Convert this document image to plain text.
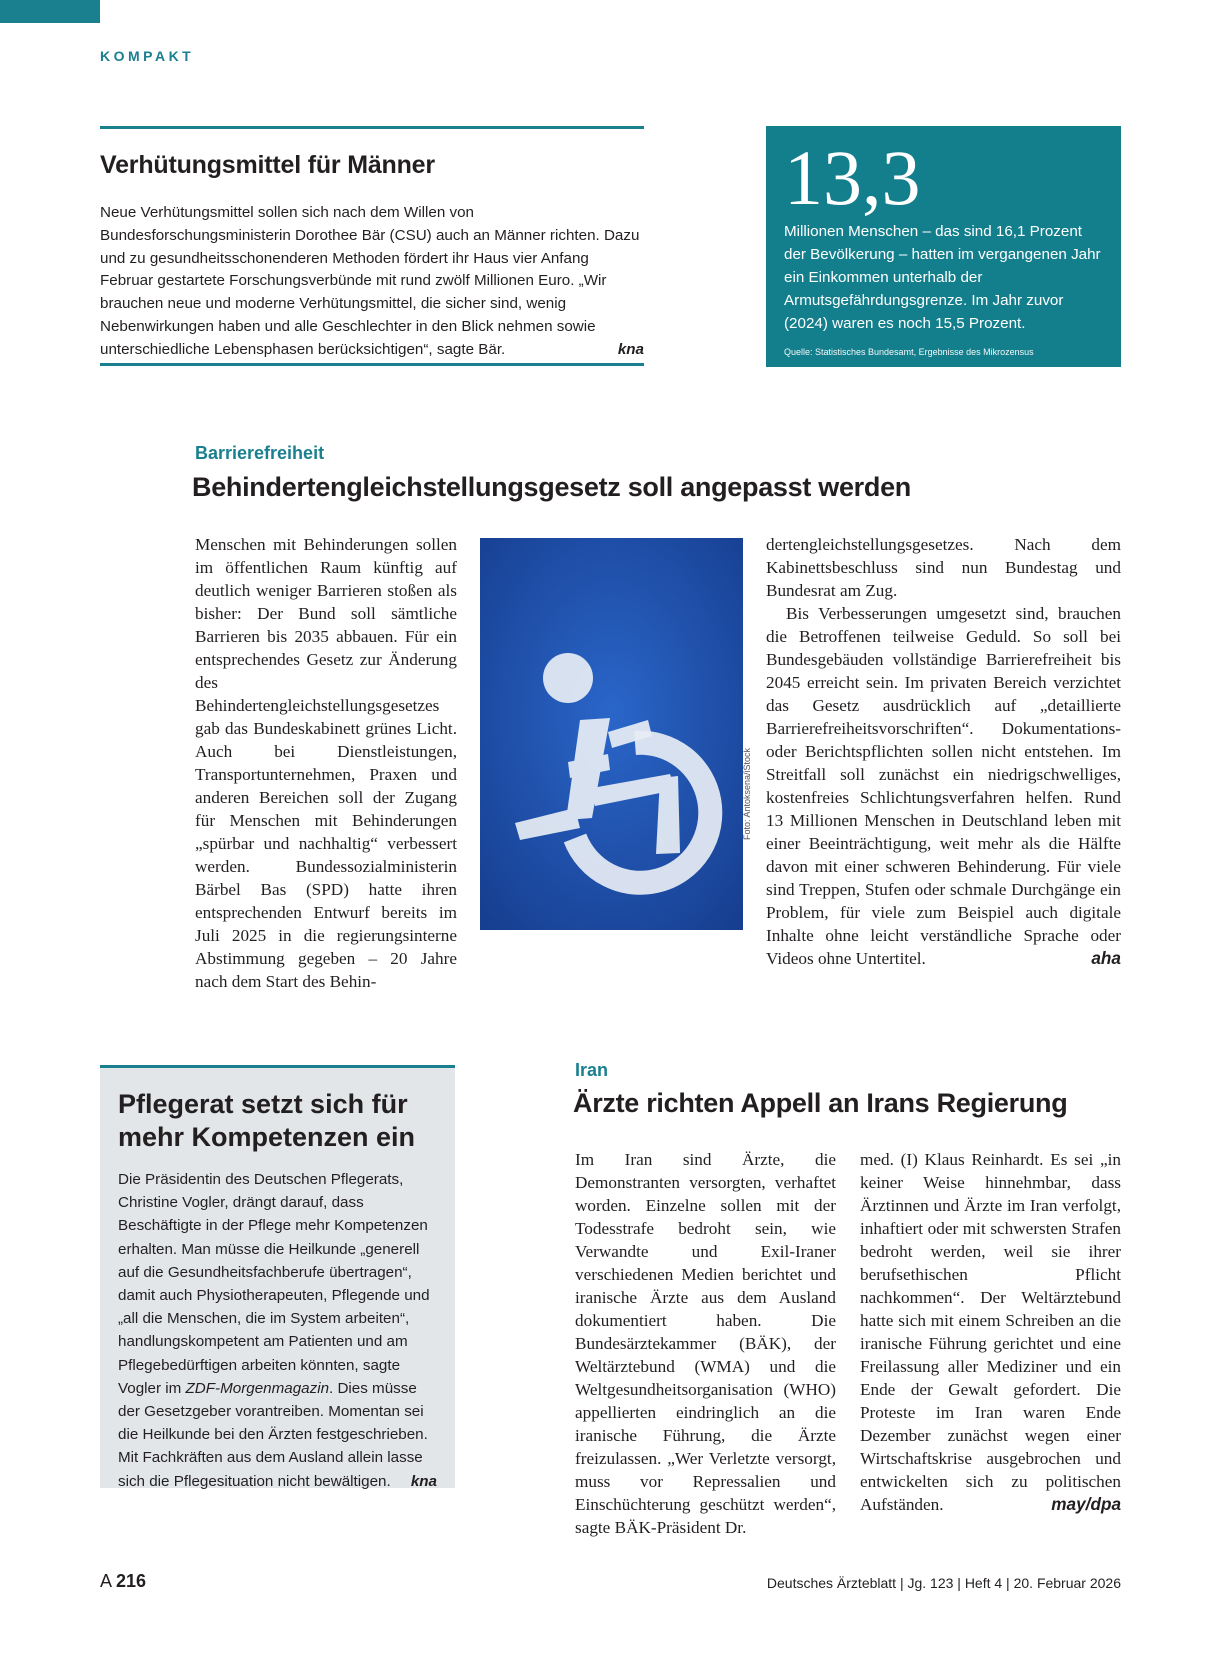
KOMPAKT
Verhütungsmittel für Männer
Neue Verhütungsmittel sollen sich nach dem Willen von Bundesforschungsministerin Dorothee Bär (CSU) auch an Männer richten. Dazu und zu gesundheitsschonenderen Methoden fördert ihr Haus vier Anfang Februar gestartete Forschungsverbünde mit rund zwölf Millionen Euro. „Wir brauchen neue und moderne Verhütungsmittel, die sicher sind, wenig Nebenwirkungen haben und alle Geschlechter in den Blick nehmen sowie unterschiedliche Lebensphasen berücksichtigen“, sagte Bär.	kna
13,3
Millionen Menschen – das sind 16,1 Prozent der Bevölkerung – hatten im vergangenen Jahr ein Einkommen unterhalb der Armutsgefährdungsgrenze. Im Jahr zuvor (2024) waren es noch 15,5 Prozent.
Quelle: Statistisches Bundesamt, Ergebnisse des Mikrozensus
Barrierefreiheit
Behindertengleichstellungsgesetz soll angepasst werden
Menschen mit Behinderungen sollen im öffentlichen Raum künftig auf deutlich weniger Barrieren stoßen als bisher: Der Bund soll sämtliche Barrieren bis 2035 abbauen. Für ein entsprechendes Gesetz zur Änderung des Behindertengleichstellungsgesetzes gab das Bundeskabinett grünes Licht. Auch bei Dienstleistungen, Transportunternehmen, Praxen und anderen Bereichen soll der Zugang für Menschen mit Behinderungen „spürbar und nachhaltig“ verbessert werden. Bundessozialministerin Bärbel Bas (SPD) hatte ihren entsprechenden Entwurf bereits im Juli 2025 in die regierungsinterne Abstimmung gegeben – 20 Jahre nach dem Start des Behin-
Foto: Antoksena/iStock

dertengleichstellungsgesetzes. Nach dem Kabinettsbeschluss sind nun Bundestag und Bundesrat am Zug.

Bis Verbesserungen umgesetzt sind, brauchen die Betroffenen teilweise Geduld. So soll bei Bundesgebäuden vollständige Barrierefreiheit bis 2045 erreicht sein. Im privaten Bereich verzichtet das Gesetz ausdrücklich auf „detaillierte Barrierefreiheitsvorschriften“. Dokumentations- oder Berichtspflichten sollen nicht entstehen. Im Streitfall soll zunächst ein niedrigschwelliges, kostenfreies Schlichtungsverfahren helfen. Rund 13 Millionen Menschen in Deutschland leben mit einer Beeinträchtigung, weit mehr als die Hälfte davon mit einer schweren Behinderung. Für viele sind Treppen, Stufen oder schmale Durchgänge ein Problem, für viele zum Beispiel auch digitale Inhalte ohne leicht verständliche Sprache oder Videos ohne Untertitel.	aha

Pflegerat setzt sich für mehr Kompetenzen ein
Die Präsidentin des Deutschen Pflegerats, Christine Vogler, drängt darauf, dass Beschäftigte in der Pflege mehr Kompetenzen erhalten. Man müsse die Heilkunde „generell auf die Gesundheitsfachberufe übertragen“, damit auch Physiotherapeuten, Pflegende und „all die Menschen, die im System arbeiten“, handlungskompetent am Patienten und am Pflegebedürftigen arbeiten könnten, sagte Vogler im ZDF-Morgenmagazin. Dies müsse der Gesetzgeber vorantreiben. Momentan sei die Heilkunde bei den Ärzten festgeschrieben. Mit Fachkräften aus dem Ausland allein lasse sich die Pflegesituation nicht bewältigen. kna
Iran
Ärzte richten Appell an Irans Regierung
Im Iran sind Ärzte, die Demonstranten versorgten, verhaftet worden. Einzelne sollen mit der Todesstrafe bedroht sein, wie Verwandte und Exil-Iraner verschiedenen Medien berichtet und iranische Ärzte aus dem Ausland dokumentiert haben. Die Bundesärztekammer (BÄK), der Weltärztebund (WMA) und die Weltgesundheitsorganisation (WHO) appellierten eindringlich an die iranische Führung, die Ärzte freizulassen. „Wer Verletzte versorgt, muss vor Repressalien und Einschüchterung geschützt werden“, sagte BÄK-Präsident Dr.
med. (I) Klaus Reinhardt. Es sei „in keiner Weise hinnehmbar, dass Ärztinnen und Ärzte im Iran verfolgt, inhaftiert oder mit schwersten Strafen bedroht werden, weil sie ihrer berufsethischen Pflicht nachkommen“. Der Weltärztebund hatte sich mit einem Schreiben an die iranische Führung gerichtet und eine Freilassung aller Mediziner und ein Ende der Gewalt gefordert. Die Proteste im Iran waren Ende Dezember zunächst wegen einer Wirtschaftskrise ausgebrochen und entwickelten sich zu politischen Aufständen.	may/dpa
A 216	Deutsches Ärzteblatt | Jg. 123 | Heft 4 | 20. Februar 2026
